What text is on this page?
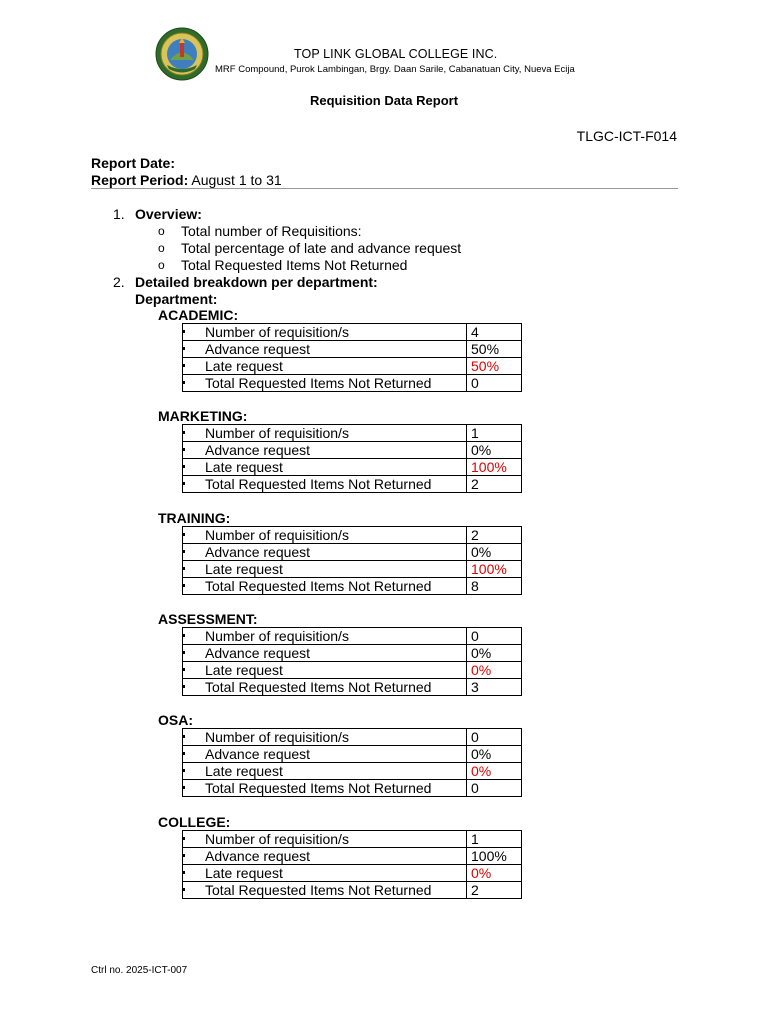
TOP LINK GLOBAL COLLEGE INC.
MRF Compound, Purok Lambingan, Brgy. Daan Sarile, Cabanatuan City, Nueva Ecija
Requisition Data Report
TLGC-ICT-F014
Report Date:
Report Period: August 1 to 31
1. Overview:
o Total number of Requisitions:
o Total percentage of late and advance request
o Total Requested Items Not Returned
2. Detailed breakdown per department:
Department:
ACADEMIC:
Number of requisition/s	4

Advance request	50%

Late request	50%

Total Requested Items Not Returned	0
MARKETING:
Number of requisition/s	1

Advance request	0%

Late request	100%

Total Requested Items Not Returned	2
TRAINING:
Number of requisition/s	2

Advance request	0%

Late request	100%

Total Requested Items Not Returned	8
ASSESSMENT:
Number of requisition/s	0

Advance request	0%

Late request	0%

Total Requested Items Not Returned	3
OSA:
Number of requisition/s	0

Advance request	0%

Late request	0%

Total Requested Items Not Returned	0
COLLEGE:
Number of requisition/s	1

Advance request	100%

Late request	0%

Total Requested Items Not Returned	2
Ctrl no. 2025-ICT-007
